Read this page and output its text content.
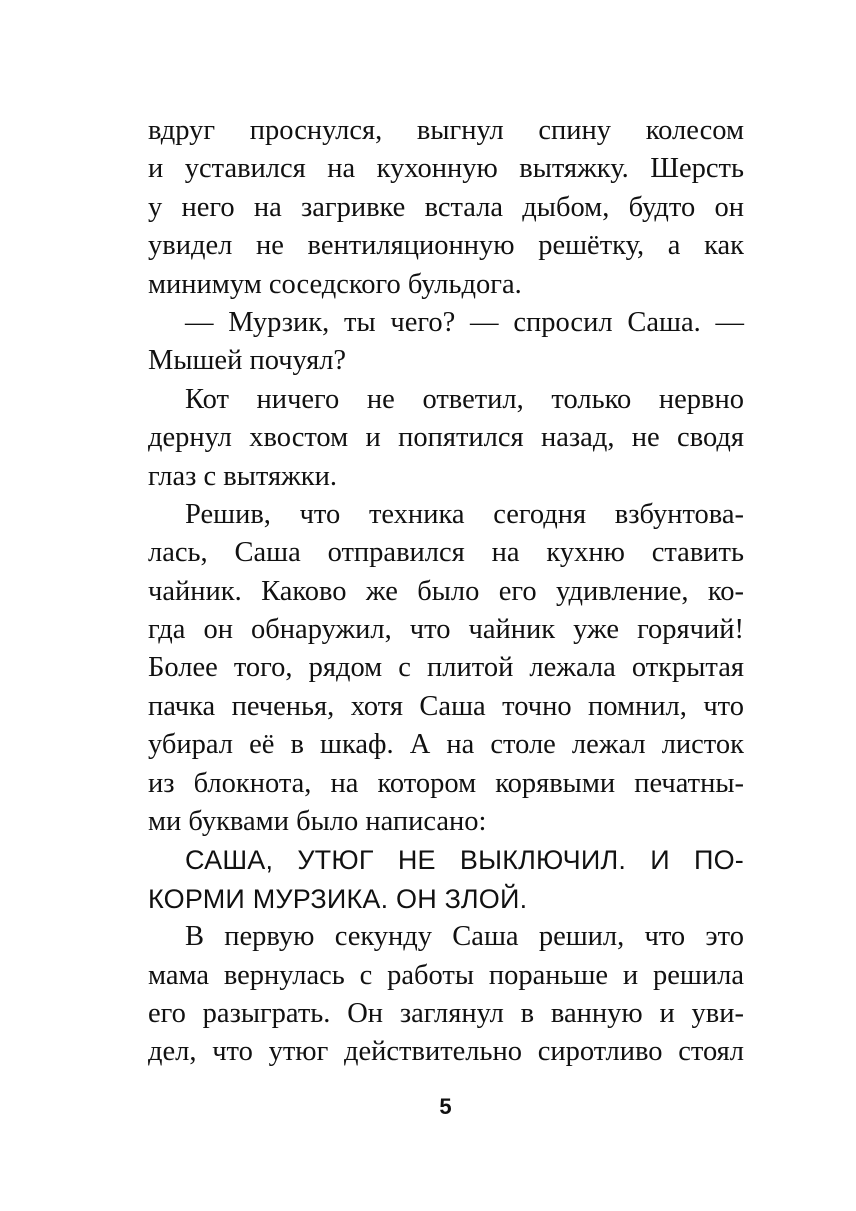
вдруг проснулся, выгнул спину колесом
и уставился на кухонную вытяжку. Шерсть
у него на загривке встала дыбом, будто он
увидел не вентиляционную решётку, а как
минимум соседского бульдога.
— Мурзик, ты чего? — спросил Саша. —
Мышей почуял?
Кот ничего не ответил, только нервно
дернул хвостом и попятился назад, не сводя
глаз с вытяжки.
Решив, что техника сегодня взбунтова-
лась, Саша отправился на кухню ставить
чайник. Каково же было его удивление, ко-
гда он обнаружил, что чайник уже горячий!
Более того, рядом с плитой лежала открытая
пачка печенья, хотя Саша точно помнил, что
убирал её в шкаф. А на столе лежал листок
из блокнота, на котором корявыми печатны-
ми буквами было написано:
САША, УТЮГ НЕ ВЫКЛЮЧИЛ. И ПО-
КОРМИ МУРЗИКА. ОН ЗЛОЙ.
В первую секунду Саша решил, что это
мама вернулась с работы пораньше и решила
его разыграть. Он заглянул в ванную и уви-
дел, что утюг действительно сиротливо стоял
5
